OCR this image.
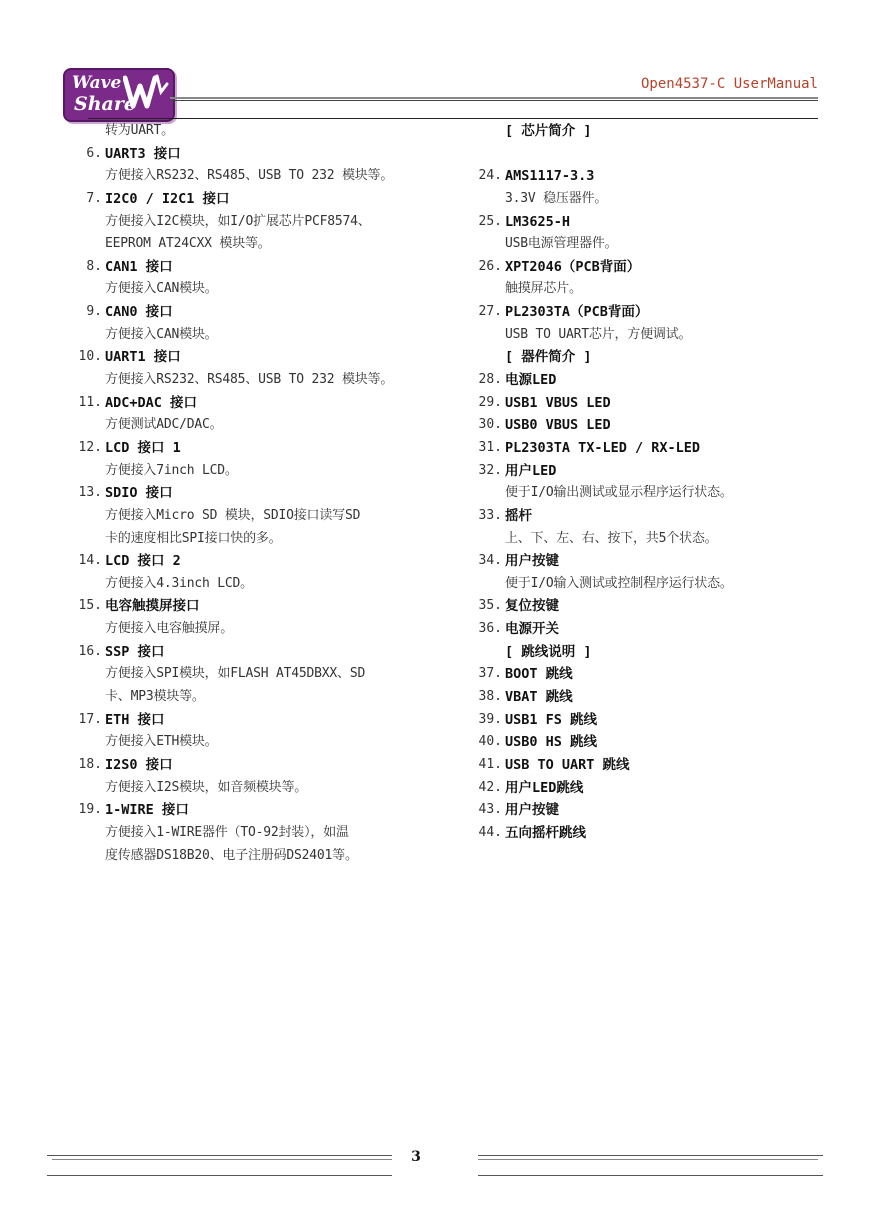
Wave
Share
Open4537-C UserManual
转为UART。
6. UART3 接口
方便接入RS232、RS485、USB TO 232 模块等。
7. I2C0 / I2C1 接口
方便接入I2C模块，如I/O扩展芯片PCF8574、
EEPROM AT24CXX 模块等。
8. CAN1 接口
方便接入CAN模块。
9. CAN0 接口
方便接入CAN模块。
10. UART1 接口
方便接入RS232、RS485、USB TO 232 模块等。
11. ADC+DAC 接口
方便测试ADC/DAC。
12. LCD 接口 1
方便接入7inch LCD。
13. SDIO 接口
方便接入Micro SD 模块，SDIO接口读写SD
卡的速度相比SPI接口快的多。
14. LCD 接口 2
方便接入4.3inch LCD。
15. 电容触摸屏接口
方便接入电容触摸屏。
16. SSP 接口
方便接入SPI模块，如FLASH AT45DBXX、SD
卡、MP3模块等。
17. ETH 接口
方便接入ETH模块。
18. I2S0 接口
方便接入I2S模块，如音频模块等。
19. 1-WIRE 接口
方便接入1-WIRE器件（TO-92封装），如温
度传感器DS18B20、电子注册码DS2401等。
[ 芯片简介 ]
24. AMS1117-3.3
3.3V 稳压器件。
25. LM3625-H
USB电源管理器件。
26. XPT2046（PCB背面）
触摸屏芯片。
27. PL2303TA（PCB背面）
USB TO UART芯片，方便调试。
[ 器件简介 ]
28. 电源LED
29. USB1 VBUS LED
30. USB0 VBUS LED
31. PL2303TA TX-LED / RX-LED
32. 用户LED
便于I/O输出测试或显示程序运行状态。
33. 摇杆
上、下、左、右、按下，共5个状态。
34. 用户按键
便于I/O输入测试或控制程序运行状态。
35. 复位按键
36. 电源开关
[ 跳线说明 ]
37. BOOT 跳线
38. VBAT 跳线
39. USB1 FS 跳线
40. USB0 HS 跳线
41. USB TO UART 跳线
42. 用户LED跳线
43. 用户按键
44. 五向摇杆跳线
3
